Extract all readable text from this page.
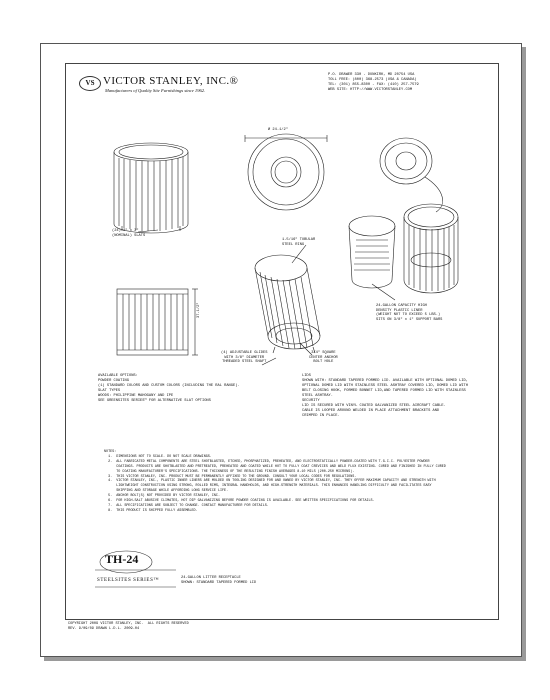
VS VICTOR STANLEY, INC.®
Manufacturers of Quality Site Furnishings since 1962.
P.O. DRAWER 330 - DUNKIRK, MD 20754 USA
TOLL FREE: (800) 368-2573 (USA & CANADA)
TEL: (301) 855-8300 - FAX: (410) 257-7579
WEB SITE: HTTP://WWW.VICTORSTANLEY.COM
Ø 24-1/2"
(24) 2" x 3"
(NOMINAL) SLATS
37-1/2"
1-5/16" TUBULAR
STEEL RING
(4) ADJUSTABLE GLIDES
WITH 3/8" DIAMETER
THREADED STEEL SHAFT
3/4" SQUARE
CENTER ANCHOR
BOLT HOLE
24-GALLON CAPACITY HIGH
DENSITY PLASTIC LINER
(WEIGHT NOT TO EXCEED 5 LBS.)
SITS ON 3/8" x 1" SUPPORT BARS
AVAILABLE OPTIONS:
POWDER COATING
(1) STANDARD COLORS AND CUSTOM COLORS (INCLUDING THE RAL RANGE).
SLAT TYPES
WOODS: PHILIPPINE MAHOGANY AND IPE
SEE GREENSITES SERIES™ FOR ALTERNATIVE SLAT OPTIONS
LIDS
SHOWN WITH: STANDARD TAPERED FORMED LID. AVAILABLE WITH OPTIONAL DOMED LID,
OPTIONAL DOMED LID WITH STAINLESS STEEL ASHTRAY COVERED LID, DOMED LID WITH
BELT CLOSING HOOK, FORMED BONNET LID,AND TAPERED FORMED LID WITH STAINLESS
STEEL ASHTRAY.
SECURITY
LID IS SECURED WITH VINYL COATED GALVANIZED STEEL AIRCRAFT CABLE.
CABLE IS LOOPED AROUND WELDED IN PLACE ATTACHMENT BRACKETS AND
CRIMPED IN PLACE.
NOTES:
1.  DIMENSIONS NOT TO SCALE. DO NOT SCALE DRAWINGS.
2.  ALL FABRICATED METAL COMPONENTS ARE STEEL SHOTBLASTED, ETCHED, PHOSPHATIZED, PREHEATED, AND ELECTROSTATICALLY POWDER-COATED WITH T.G.I.C. POLYESTER POWDER
COATINGS. PRODUCTS ARE SHOTBLASTED AND PRETREATED, PREHEATED AND COATED WHILE HOT TO FULLY COAT CREVICES AND WELD FLUX EXISTING. CURED AND FINISHED IN FULLY CURED
TO COATING MANUFACTURER'S SPECIFICATIONS. THE THICKNESS OF THE RESULTING FINISH AVERAGES 8-10 MILS (200-250 MICRONS).
3.  THIS VICTOR STANLEY, INC. PRODUCT MUST BE PERMANENTLY AFFIXED TO THE GROUND. CONSULT YOUR LOCAL CODES FOR REGULATIONS.
4.  VICTOR STANLEY, INC., PLASTIC INNER LINERS ARE MOLDED ON TOOLING DESIGNED FOR AND OWNED BY VICTOR STANLEY, INC. THEY OFFER MAXIMUM CAPACITY AND STRENGTH WITH
LIGHTWEIGHT CONSTRUCTION USING STRONG, ROLLED RIMS, INTEGRAL HANDHOLDS, AND HIGH-STRENGTH MATERIALS. THIS ENHANCES HANDLING DIFFICULTY AND FACILITATES EASY
SHIPPING AND STORAGE WHILE AFFORDING LONG SERVICE LIFE.
5.  ANCHOR BOLT(S) NOT PROVIDED BY VICTOR STANLEY, INC.
6.  FOR HIGH-SALT ABUSIVE CLIMATES, HOT DIP GALVANIZING BEFORE POWDER COATING IS AVAILABLE. SEE WRITTEN SPECIFICATIONS FOR DETAILS.
7.  ALL SPECIFICATIONS ARE SUBJECT TO CHANGE. CONTACT MANUFACTURER FOR DETAILS.
8.  THIS PRODUCT IS SHIPPED FULLY ASSEMBLED.
TH-24
STEELSITES SERIES™	24-GALLON LITTER RECEPTACLE
SHOWN: STANDARD TAPERED FORMED LID
COPYRIGHT 2009 VICTOR STANLEY, INC.  ALL RIGHTS RESERVED
REV. 9/09/09 DRAWN L.D.L. 2009-04
